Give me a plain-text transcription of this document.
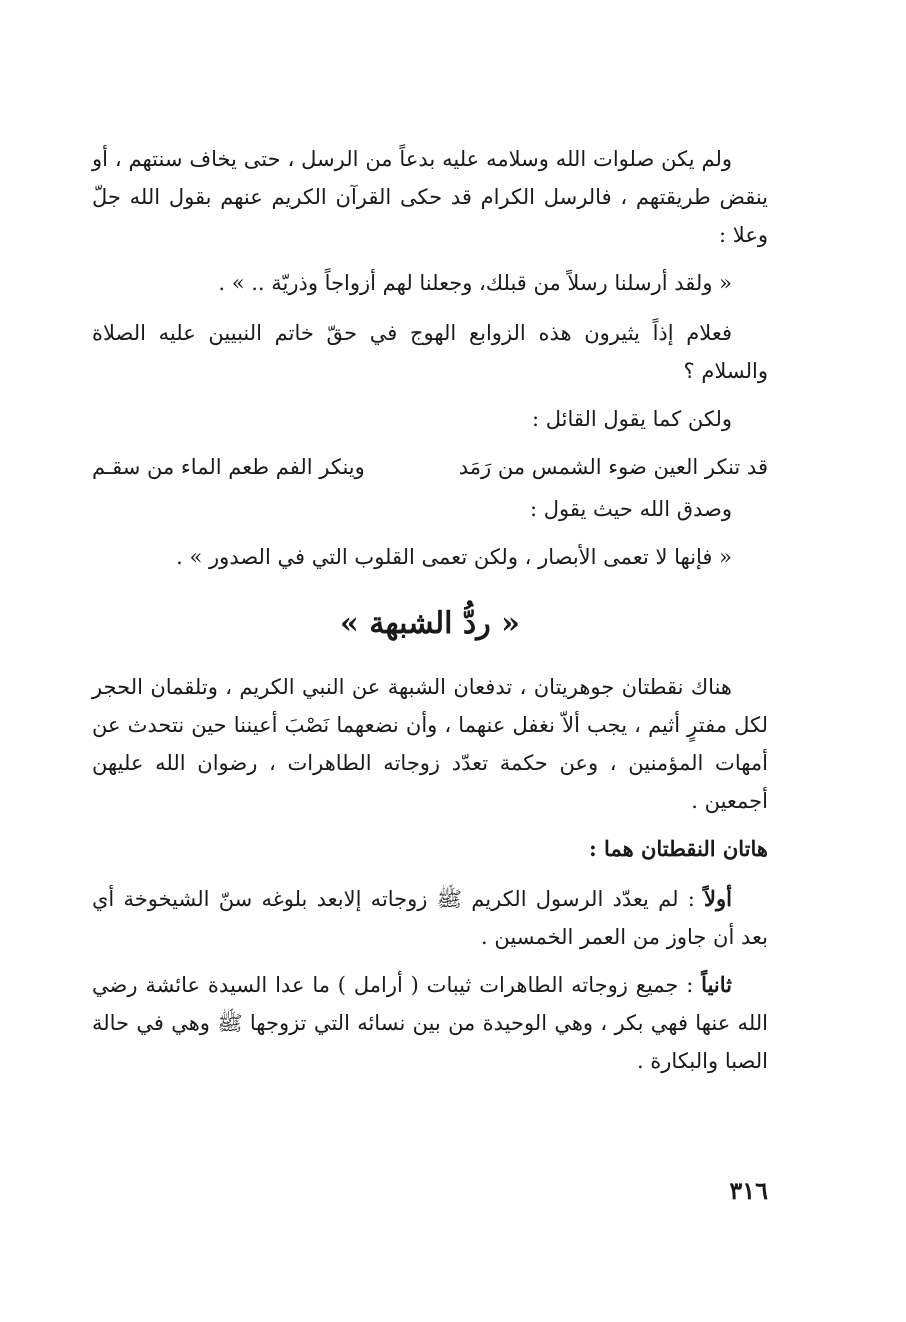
ولم يكن صلوات الله وسلامه عليه بدعاً من الرسل ، حتى يخاف سنتهم ، أو ينقض طريقتهم ، فالرسل الكرام قد حكى القرآن الكريم عنهم بقول الله جلّ وعلا :

« ولقد أرسلنا رسلاً من قبلك، وجعلنا لهم أزواجاً وذريّة .. » .

فعلام إذاً يثيرون هذه الزوابع الهوج في حقّ خاتم النبيين عليه الصلاة والسلام ؟

ولكن كما يقول القائل :

قد تنكر العين ضوء الشمس من رَمَد
وينكر الفم طعم الماء من سقـم

وصدق الله حيث يقول :

« فإنها لا تعمى الأبصار ، ولكن تعمى القلوب التي في الصدور » .

« ردُّ الشبهة »

هناك نقطتان جوهريتان ، تدفعان الشبهة عن النبي الكريم ، وتلقمان الحجر لكل مفترٍ أثيم ، يجب ألاّ نغفل عنهما ، وأن نضعهما نَصْبَ أعيننا حين نتحدث عن أمهات المؤمنين ، وعن حكمة تعدّد زوجاته الطاهرات ، رضوان الله عليهن أجمعين .

هاتان النقطتان هما :

أولاً : لم يعدّد الرسول الكريم ﷺ زوجاته إلابعد بلوغه سنّ الشيخوخة أي بعد أن جاوز من العمر الخمسين .

ثانياً : جميع زوجاته الطاهرات ثيبات ( أرامل ) ما عدا السيدة عائشة رضي الله عنها فهي بكر ، وهي الوحيدة من بين نسائه التي تزوجها ﷺ وهي في حالة الصبا والبكارة .

٣١٦
